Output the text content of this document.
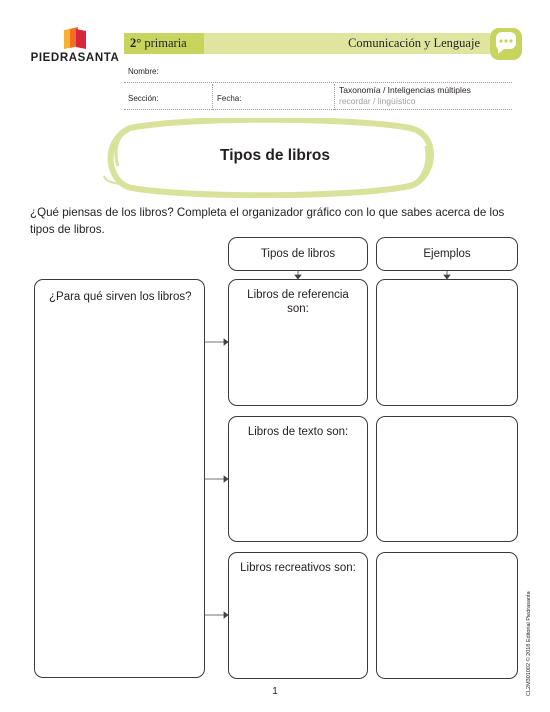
PIEDRASANTA
2° primaria	Comunicación y Lenguaje
Nombre:
Sección:	Fecha:
Taxonomía / Inteligencias múltiples
recordar / lingüístico
Tipos de libros
¿Qué piensas de los libros? Completa el organizador gráfico con lo que sabes acerca de los tipos de libros.
Tipos de libros	Ejemplos
¿Para qué sirven los libros?	Libros de referencia son:
Libros de texto son:
Libros recreativos son:
1	CL2M301002 © 2018 Editorial Piedrasanta
